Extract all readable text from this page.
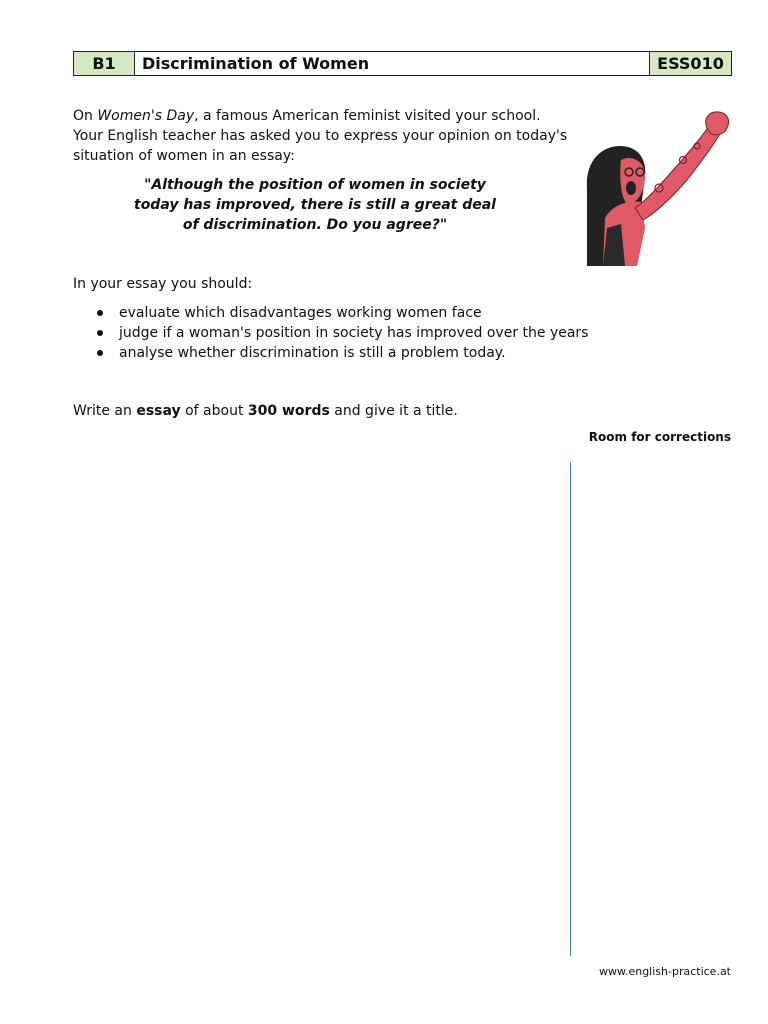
B1	Discrimination of Women	ESS010

On Women's Day, a famous American feminist visited your school. Your English teacher has asked you to express your opinion on today's situation of women in an essay:

"Although the position of women in society today has improved, there is still a great deal of discrimination. Do you agree?"

In your essay you should:

evaluate which disadvantages working women face
judge if a woman's position in society has improved over the years
analyse whether discrimination is still a problem today.

Write an essay of about 300 words and give it a title.

Room for corrections

www.english-practice.at
